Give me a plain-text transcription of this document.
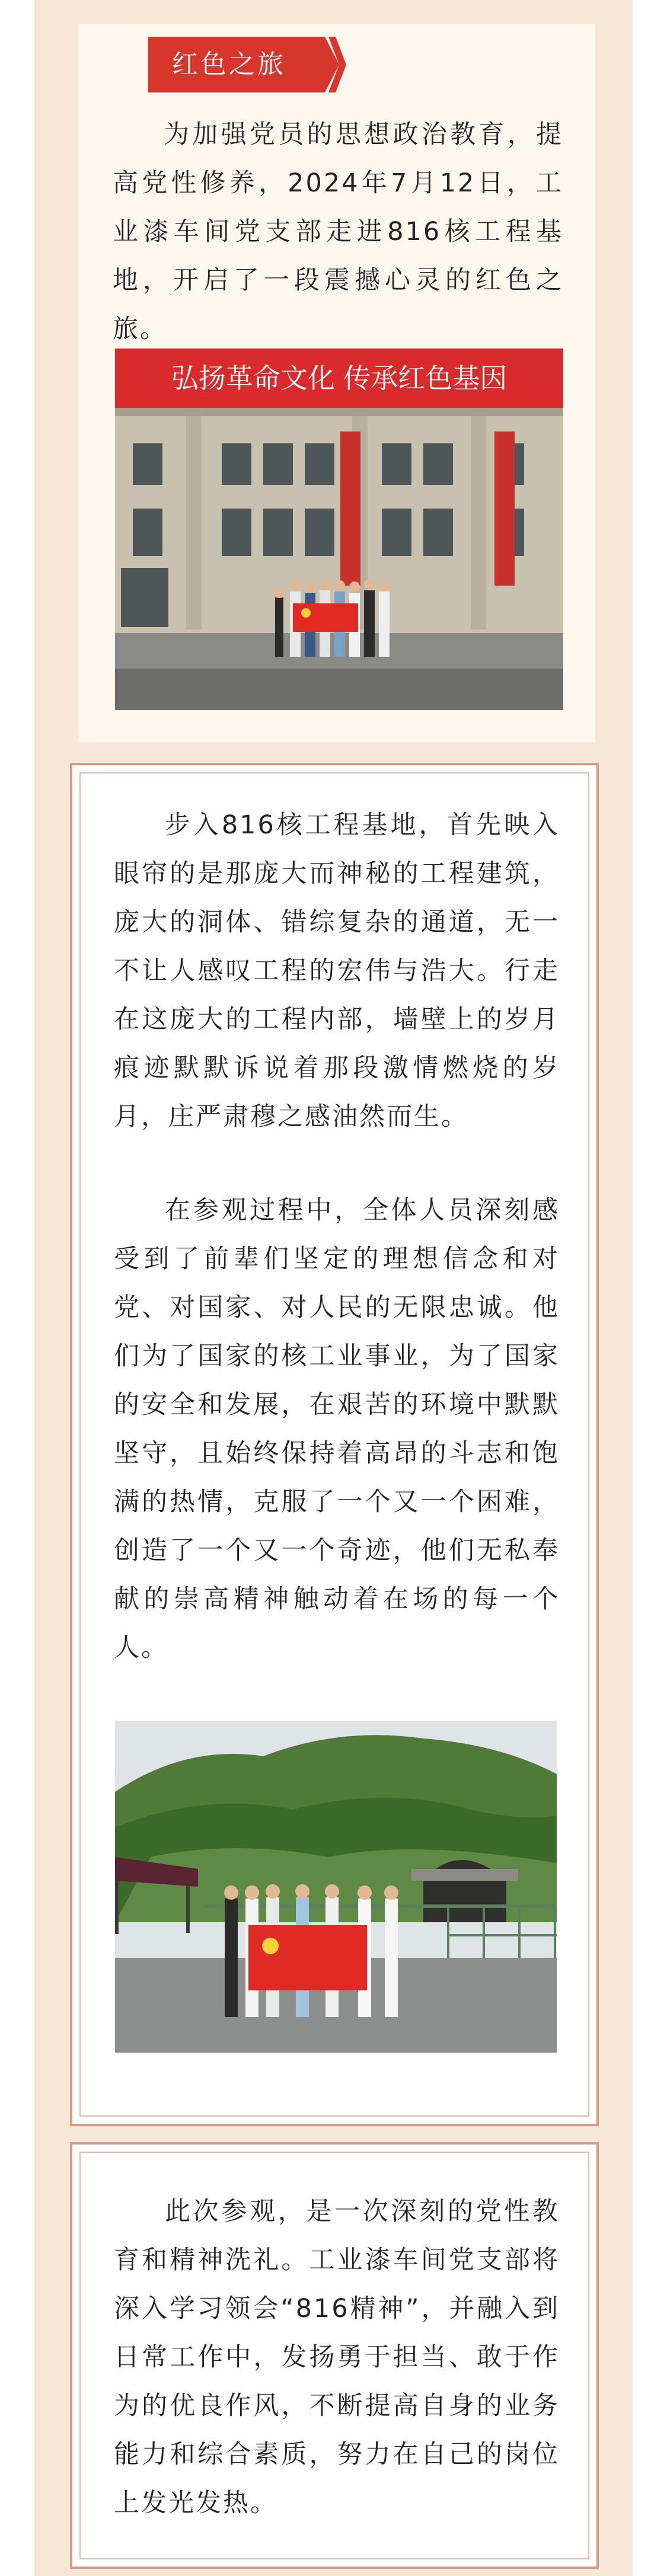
红色之旅

为加强党员的思想政治教育，提高党性修养，2024年7月12日，工业漆车间党支部走进816核工程基地，开启了一段震撼心灵的红色之旅。

弘扬革命文化 传承红色基因

步入816核工程基地，首先映入眼帘的是那庞大而神秘的工程建筑，庞大的洞体、错综复杂的通道，无一不让人感叹工程的宏伟与浩大。行走在这庞大的工程内部，墙壁上的岁月痕迹默默诉说着那段激情燃烧的岁月，庄严肃穆之感油然而生。

在参观过程中，全体人员深刻感受到了前辈们坚定的理想信念和对党、对国家、对人民的无限忠诚。他们为了国家的核工业事业，为了国家的安全和发展，在艰苦的环境中默默坚守，且始终保持着高昂的斗志和饱满的热情，克服了一个又一个困难，创造了一个又一个奇迹，他们无私奉献的崇高精神触动着在场的每一个人。

此次参观，是一次深刻的党性教育和精神洗礼。工业漆车间党支部将深入学习领会“816精神”，并融入到日常工作中，发扬勇于担当、敢于作为的优良作风，不断提高自身的业务能力和综合素质，努力在自己的岗位上发光发热。
